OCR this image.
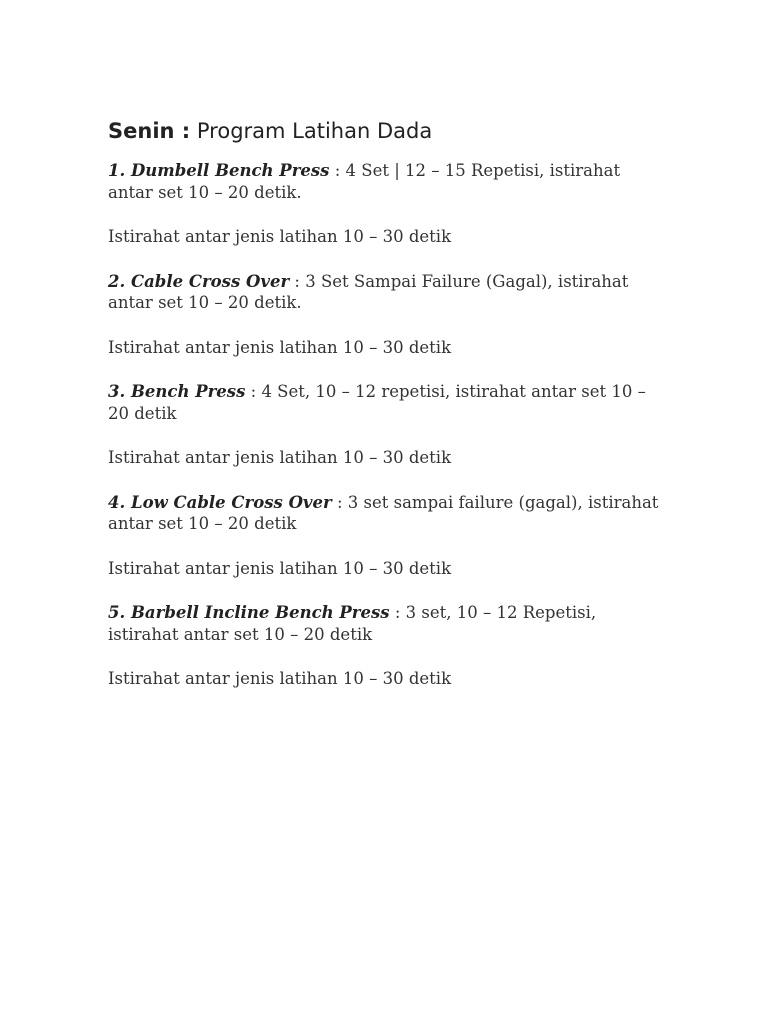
Senin : Program Latihan Dada

1. Dumbell Bench Press : 4 Set | 12 – 15 Repetisi, istirahat antar set 10 – 20 detik.

Istirahat antar jenis latihan 10 – 30 detik

2. Cable Cross Over : 3 Set Sampai Failure (Gagal), istirahat antar set 10 – 20 detik.

Istirahat antar jenis latihan 10 – 30 detik

3. Bench Press : 4 Set, 10 – 12 repetisi, istirahat antar set 10 – 20 detik

Istirahat antar jenis latihan 10 – 30 detik

4. Low Cable Cross Over : 3 set sampai failure (gagal), istirahat antar set 10 – 20 detik

Istirahat antar jenis latihan 10 – 30 detik

5. Barbell Incline Bench Press : 3 set, 10 – 12 Repetisi, istirahat antar set 10 – 20 detik

Istirahat antar jenis latihan 10 – 30 detik
